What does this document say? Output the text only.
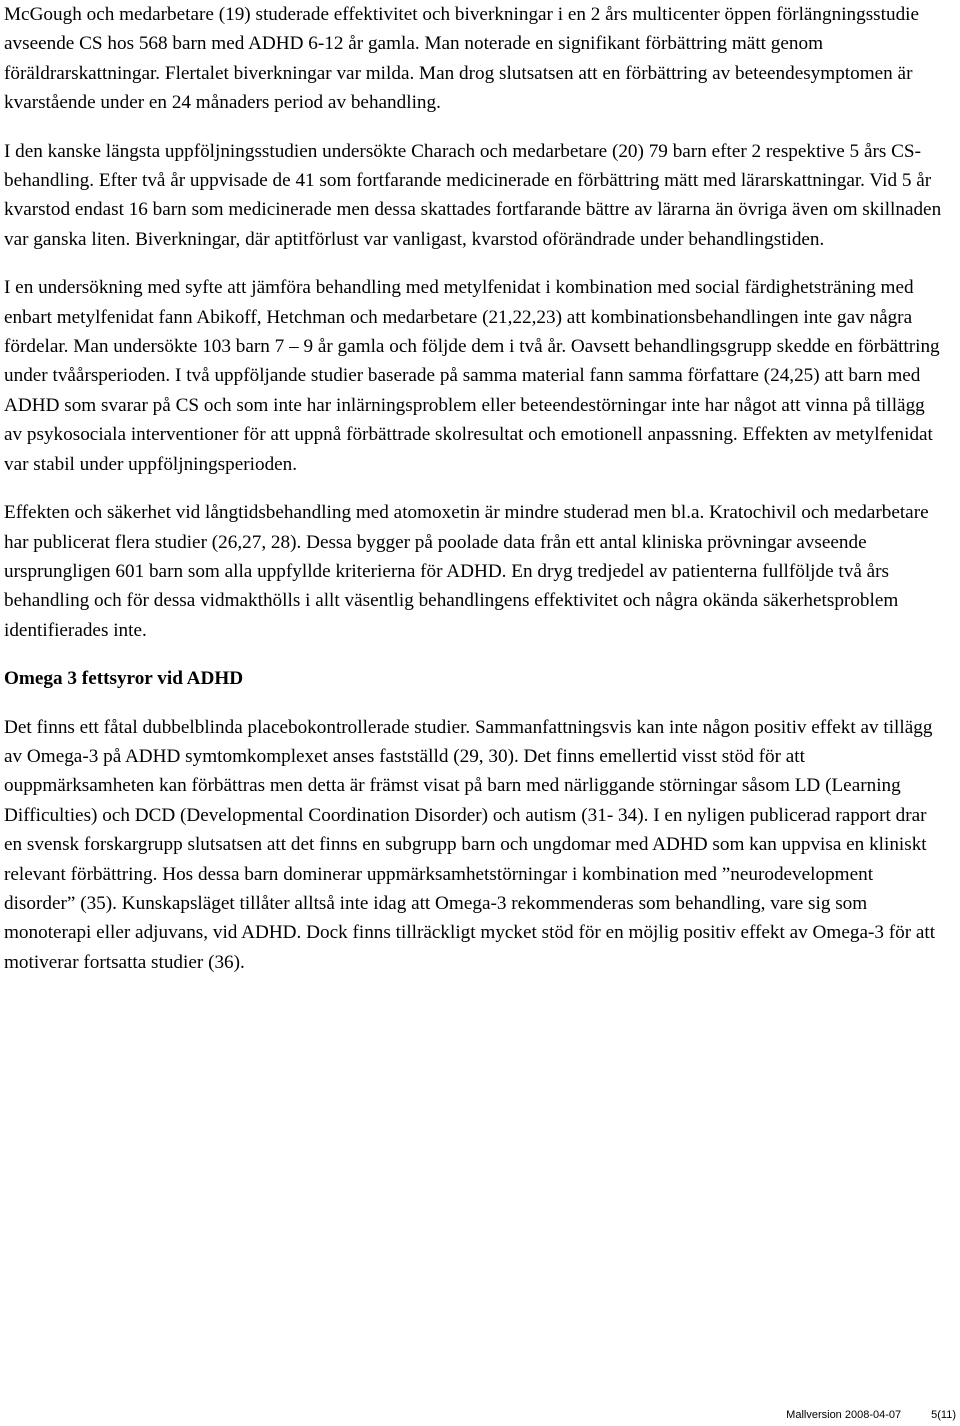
McGough och medarbetare (19) studerade effektivitet och biverkningar i en 2 års multicenter öppen förlängningsstudie avseende CS hos 568 barn med ADHD 6-12 år gamla. Man noterade en signifikant förbättring mätt genom föräldrarskattningar. Flertalet biverkningar var milda. Man drog slutsatsen att en förbättring av beteendesymptomen är kvarstående under en 24 månaders period av behandling.

I den kanske längsta uppföljningsstudien undersökte Charach och medarbetare (20) 79 barn efter 2 respektive 5 års CS-behandling. Efter två år uppvisade de 41 som fortfarande medicinerade en förbättring mätt med lärarskattningar. Vid 5 år kvarstod endast 16 barn som medicinerade men dessa skattades fortfarande bättre av lärarna än övriga även om skillnaden var ganska liten. Biverkningar, där aptitförlust var vanligast, kvarstod oförändrade under behandlingstiden.

I en undersökning med syfte att jämföra behandling med metylfenidat i kombination med social färdighetsträning med enbart metylfenidat fann Abikoff, Hetchman och medarbetare (21,22,23) att kombinationsbehandlingen inte gav några fördelar. Man undersökte 103 barn 7 – 9 år gamla och följde dem i två år. Oavsett behandlingsgrupp skedde en förbättring under tvåårsperioden. I två uppföljande studier baserade på samma material fann samma författare (24,25) att barn med ADHD som svarar på CS och som inte har inlärningsproblem eller beteendestörningar inte har något att vinna på tillägg av psykosociala interventioner för att uppnå förbättrade skolresultat och emotionell anpassning. Effekten av metylfenidat var stabil under uppföljningsperioden.

Effekten och säkerhet vid långtidsbehandling med atomoxetin är mindre studerad men bl.a. Kratochivil och medarbetare har publicerat flera studier (26,27, 28). Dessa bygger på poolade data från ett antal kliniska prövningar avseende ursprungligen 601 barn som alla uppfyllde kriterierna för ADHD. En dryg tredjedel av patienterna fullföljde två års behandling och för dessa vidmakthölls i allt väsentlig behandlingens effektivitet och några okända säkerhetsproblem identifierades inte.

Omega 3 fettsyror vid ADHD

Det finns ett fåtal dubbelblinda placebokontrollerade studier. Sammanfattningsvis kan inte någon positiv effekt av tillägg av Omega-3 på ADHD symtomkomplexet anses fastställd (29, 30). Det finns emellertid visst stöd för att ouppmärksamheten kan förbättras men detta är främst visat på barn med närliggande störningar såsom LD (Learning Difficulties) och DCD (Developmental Coordination Disorder) och autism (31- 34). I en nyligen publicerad rapport drar en svensk forskargrupp slutsatsen att det finns en subgrupp barn och ungdomar med ADHD som kan uppvisa en kliniskt relevant förbättring. Hos dessa barn dominerar uppmärksamhetstörningar i kombination med ”neurodevelopment disorder” (35). Kunskapsläget tillåter alltså inte idag att Omega-3 rekommenderas som behandling, vare sig som monoterapi eller adjuvans, vid ADHD. Dock finns tillräckligt mycket stöd för en möjlig positiv effekt av Omega-3 för att motiverar fortsatta studier (36).

Mallversion 2008-04-07	5(11)
